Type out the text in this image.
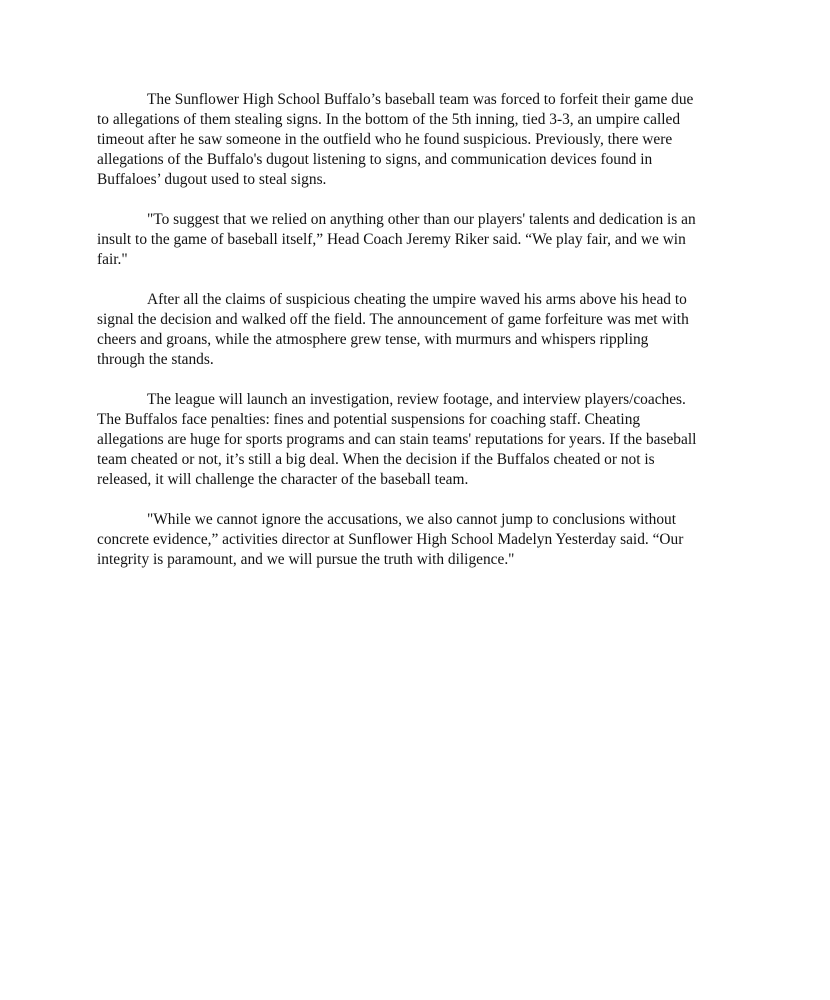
The Sunflower High School Buffalo’s baseball team was forced to forfeit their game due
to allegations of them stealing signs. In the bottom of the 5th inning, tied 3-3, an umpire called
timeout after he saw someone in the outfield who he found suspicious. Previously, there were
allegations of the Buffalo's dugout listening to signs, and communication devices found in
Buffaloes’ dugout used to steal signs.
"To suggest that we relied on anything other than our players' talents and dedication is an
insult to the game of baseball itself,” Head Coach Jeremy Riker said. “We play fair, and we win
fair."
After all the claims of suspicious cheating the umpire waved his arms above his head to
signal the decision and walked off the field. The announcement of game forfeiture was met with
cheers and groans, while the atmosphere grew tense, with murmurs and whispers rippling
through the stands.
The league will launch an investigation, review footage, and interview players/coaches.
The Buffalos face penalties: fines and potential suspensions for coaching staff. Cheating
allegations are huge for sports programs and can stain teams' reputations for years. If the baseball
team cheated or not, it’s still a big deal. When the decision if the Buffalos cheated or not is
released, it will challenge the character of the baseball team.
"While we cannot ignore the accusations, we also cannot jump to conclusions without
concrete evidence,” activities director at Sunflower High School Madelyn Yesterday said. “Our
integrity is paramount, and we will pursue the truth with diligence."
